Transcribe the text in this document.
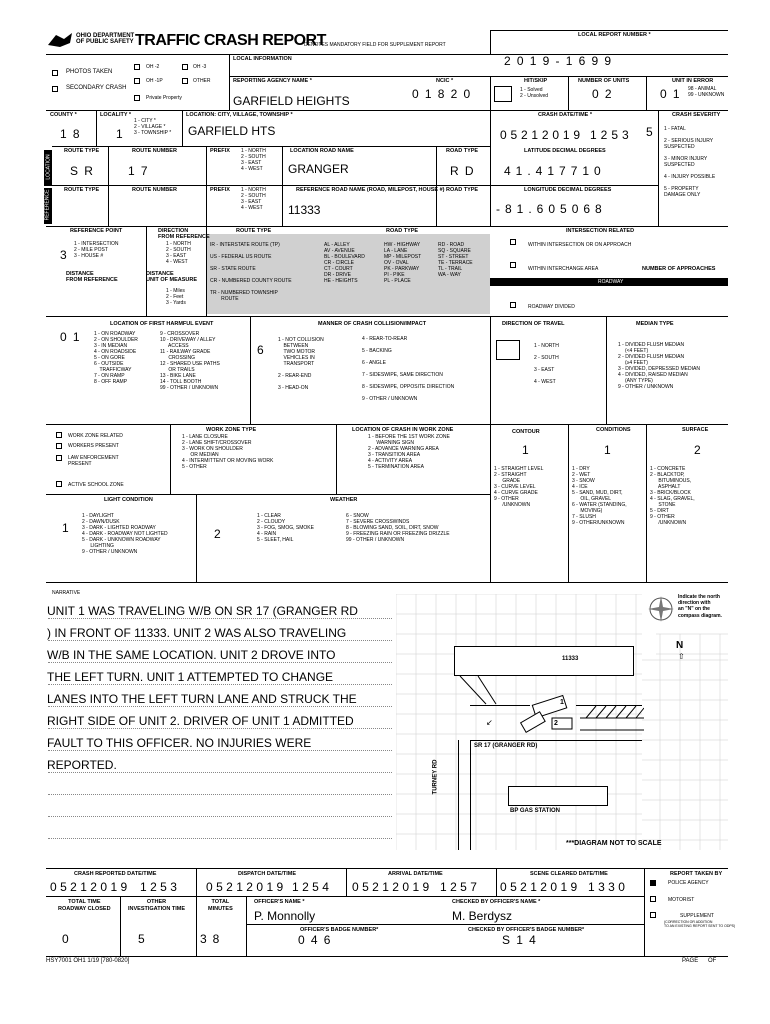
OHIO DEPARTMENT
OF PUBLIC SAFETY TRAFFIC CRASH REPORT
*DENOTES MANDATORY FIELD FOR SUPPLEMENT REPORT
LOCAL REPORT NUMBER *
2019-1699
LOCAL INFORMATION
PHOTOS TAKEN
SECONDARY CRASH
OH -2	OH -3
OH -1P	OTHER
Private Property
REPORTING AGENCY NAME *
GARFIELD HEIGHTS
NCIC *
01820
HIT/SKIP
1 - Solved
2 - Unsolved
NUMBER OF UNITS
02
UNIT IN ERROR
01 98 - ANIMAL
99 - UNKNOWN
COUNTY *
18
LOCALITY *
1
1 - CITY *
2 - VILLAGE *
3 - TOWNSHIP *
LOCATION: CITY, VILLAGE, TOWNSHIP *
GARFIELD HTS
CRASH DATE/TIME *
05212019 1253
CRASH SEVERITY
5 1 - FATAL

2 - SERIOUS INJURY
SUSPECTED

3 - MINOR INJURY
SUSPECTED

4 - INJURY POSSIBLE

5 - PROPERTY
DAMAGE ONLY
LOCATION
REFERENCE
ROUTE TYPE
SR
ROUTE NUMBER
17
PREFIX 1 - NORTH
2 - SOUTH
3 - EAST
4 - WEST
LOCATION ROAD NAME
GRANGER
ROAD TYPE
RD
LATITUDE DECIMAL DEGREES
41.417710
ROUTE TYPE	ROUTE NUMBER	PREFIX 1 - NORTH
2 - SOUTH
3 - EAST
4 - WEST
REFERENCE ROAD NAME (ROAD, MILEPOST, HOUSE #)
11333
ROAD TYPE	LONGITUDE DECIMAL DEGREES
-81.605068
REFERENCE POINT
3
1 - INTERSECTION
2 - MILE POST
3 - HOUSE #
DIRECTION
FROM REFERENCE
1 - NORTH
2 - SOUTH
3 - EAST
4 - WEST
DISTANCE
FROM REFERENCE
DISTANCE
UNIT OF MEASURE
1 - Miles
2 - Feet
3 - Yards
ROUTE TYPE
IR - INTERSTATE ROUTE (TP)

US - FEDERAL US ROUTE

SR - STATE ROUTE

CR - NUMBERED COUNTY ROUTE

TR - NUMBERED TOWNSHIP
ROUTE
ROAD TYPE
AL - ALLEY
AV - AVENUE
BL - BOULEVARD
CR - CIRCLE
CT - COURT
DR - DRIVE
HE - HEIGHTS
HW - HIGHWAY
LA - LANE
MP - MILEPOST
OV - OVAL
PK - PARKWAY
PI - PIKE
PL - PLACE
RD - ROAD
SQ - SQUARE
ST - STREET
TE - TERRACE
TL - TRAIL
WA - WAY
INTERSECTION RELATED
WITHIN INTERSECTION OR ON APPROACH
WITHIN INTERCHANGE AREA	NUMBER OF APPROACHES
ROADWAY
ROADWAY DIVIDED
LOCATION OF FIRST HARMFUL EVENT
01 1 - ON ROADWAY
2 - ON SHOULDER
3 - IN MEDIAN
4 - ON ROADSIDE
5 - ON GORE
6 - OUTSIDE
TRAFFICWAY
7 - ON RAMP
8 - OFF RAMP
9 - CROSSOVER
10 - DRIVEWAY / ALLEY
ACCESS
11 - RAILWAY GRADE
CROSSING
12 - SHARED USE PATHS
OR TRAILS
13 - BIKE LANE
14 - TOLL BOOTH
99 - OTHER / UNKNOWN
MANNER OF CRASH COLLISION/IMPACT
6
1 - NOT COLLISION
BETWEEN
TWO MOTOR
VEHICLES IN
TRANSPORT

2 - REAR-END

3 - HEAD-ON
4 - REAR-TO-REAR

5 - BACKING

6 - ANGLE

7 - SIDESWIPE, SAME DIRECTION

8 - SIDESWIPE, OPPOSITE DIRECTION

9 - OTHER / UNKNOWN
DIRECTION OF TRAVEL
1 - NORTH

2 - SOUTH

3 - EAST

4 - WEST
MEDIAN TYPE
1 - DIVIDED FLUSH MEDIAN
(<4 FEET)
2 - DIVIDED FLUSH MEDIAN
(≥4 FEET)
3 - DIVIDED, DEPRESSED MEDIAN
4 - DIVIDED, RAISED MEDIAN
(ANY TYPE)
9 - OTHER / UNKNOWN
WORK ZONE RELATED
WORKERS PRESENT
LAW ENFORCEMENT
PRESENT
ACTIVE SCHOOL ZONE
WORK ZONE TYPE
1 - LANE CLOSURE
2 - LANE SHIFT/CROSSOVER
3 - WORK ON SHOULDER
OR MEDIAN
4 - INTERMITTENT OR MOVING WORK
5 - OTHER
LOCATION OF CRASH IN WORK ZONE
1 - BEFORE THE 1ST WORK ZONE
WARNING SIGN
2 - ADVANCE WARNING AREA
3 - TRANSITION AREA
4 - ACTIVITY AREA
5 - TERMINATION AREA
CONTOUR
1
1 - STRAIGHT LEVEL
2 - STRAIGHT
GRADE
3 - CURVE LEVEL
4 - CURVE GRADE
9 - OTHER
/UNKNOWN
CONDITIONS
1
1 - DRY
2 - WET
3 - SNOW
4 - ICE
5 - SAND, MUD, DIRT,
OIL, GRAVEL
6 - WATER (STANDING,
MOVING)
7 - SLUSH
9 - OTHER/UNKNOWN
SURFACE
2
1 - CONCRETE
2 - BLACKTOP,
BITUMINOUS,
ASPHALT
3 - BRICK/BLOCK
4 - SLAG, GRAVEL,
STONE
5 - DIRT
9 - OTHER
/UNKNOWN
LIGHT CONDITION
1
1 - DAYLIGHT
2 - DAWN/DUSK
3 - DARK - LIGHTED ROADWAY
4 - DARK - ROADWAY NOT LIGHTED
5 - DARK - UNKNOWN ROADWAY
LIGHTING
9 - OTHER / UNKNOWN
WEATHER
2
1 - CLEAR
2 - CLOUDY
3 - FOG, SMOG, SMOKE
4 - RAIN
5 - SLEET, HAIL
6 - SNOW
7 - SEVERE CROSSWINDS
8 - BLOWING SAND, SOIL, DIRT, SNOW
9 - FREEZING RAIN OR FREEZING DRIZZLE
99 - OTHER / UNKNOWN
NARRATIVE
UNIT 1 WAS TRAVELING W/B ON SR 17 (GRANGER RD
) IN FRONT OF 11333. UNIT 2 WAS ALSO TRAVELING
W/B IN THE SAME LOCATION. UNIT 2 DROVE INTO
THE LEFT TURN. UNIT 1 ATTEMPTED TO CHANGE
LANES INTO THE LEFT TURN LANE AND STRUCK THE
RIGHT SIDE OF UNIT 2. DRIVER OF UNIT 1 ADMITTED
FAULT TO THIS OFFICER. NO INJURIES WERE
REPORTED.
Indicate the north
direction with
an "N" on the
compass diagram.
N
⇧
11333
1
2
↙
SR 17 (GRANGER RD)
TURNEY RD
BP GAS STATION
***DIAGRAM NOT TO SCALE
CRASH REPORTED DATE/TIME
05212019 1253
DISPATCH DATE/TIME
05212019 1254
ARRIVAL DATE/TIME
05212019 1257
SCENE CLEARED DATE/TIME
05212019 1330
REPORT TAKEN BY
POLICE AGENCY
MOTORIST
SUPPLEMENT
(CORRECTION OR ADDITION
TO AN EXISTING REPORT SENT TO ODPS)
TOTAL TIME
ROADWAY CLOSED
0
OTHER
INVESTIGATION TIME
5
TOTAL
MINUTES
38
OFFICER'S NAME *
P. Monnolly
CHECKED BY OFFICER'S NAME *
M. Berdysz
OFFICER'S BADGE NUMBER*
046
CHECKED BY OFFICER'S BADGE NUMBER*
S14
HSY7001 OH1 1/19 [780-0820]	PAGE OF
